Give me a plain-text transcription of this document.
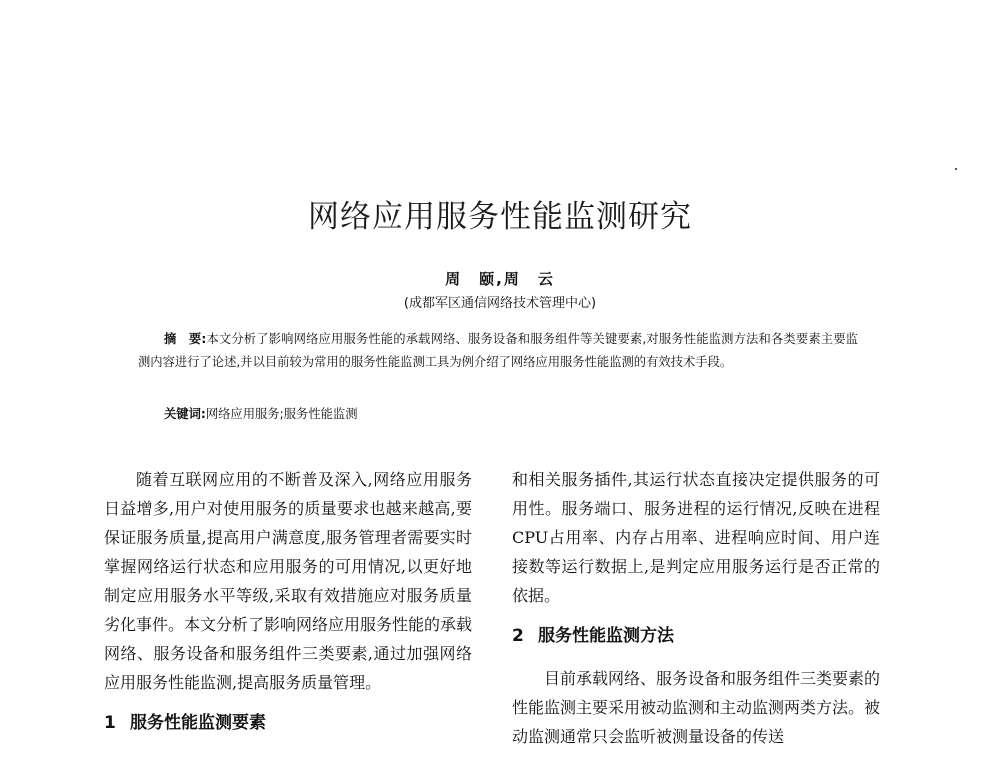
网络应用服务性能监测研究
周　颐,周　云
(成都军区通信网络技术管理中心)
摘　要:本文分析了影响网络应用服务性能的承载网络、服务设备和服务组件等关键要素,对服务性能监测方法和各类要素主要监测内容进行了论述,并以目前较为常用的服务性能监测工具为例介绍了网络应用服务性能监测的有效技术手段。
关键词:网络应用服务;服务性能监测

随着互联网应用的不断普及深入,网络应用服务日益增多,用户对使用服务的质量要求也越来越高,要保证服务质量,提高用户满意度,服务管理者需要实时掌握网络运行状态和应用服务的可用情况,以更好地制定应用服务水平等级,采取有效措施应对服务质量劣化事件。本文分析了影响网络应用服务性能的承载网络、服务设备和服务组件三类要素,通过加强网络应用服务性能监测,提高服务质量管理。

1 服务性能监测要素

和相关服务插件,其运行状态直接决定提供服务的可用性。服务端口、服务进程的运行情况,反映在进程CPU占用率、内存占用率、进程响应时间、用户连接数等运行数据上,是判定应用服务运行是否正常的依据。

2 服务性能监测方法

目前承载网络、服务设备和服务组件三类要素的性能监测主要采用被动监测和主动监测两类方法。被动监测通常只会监听被测量设备的传送
